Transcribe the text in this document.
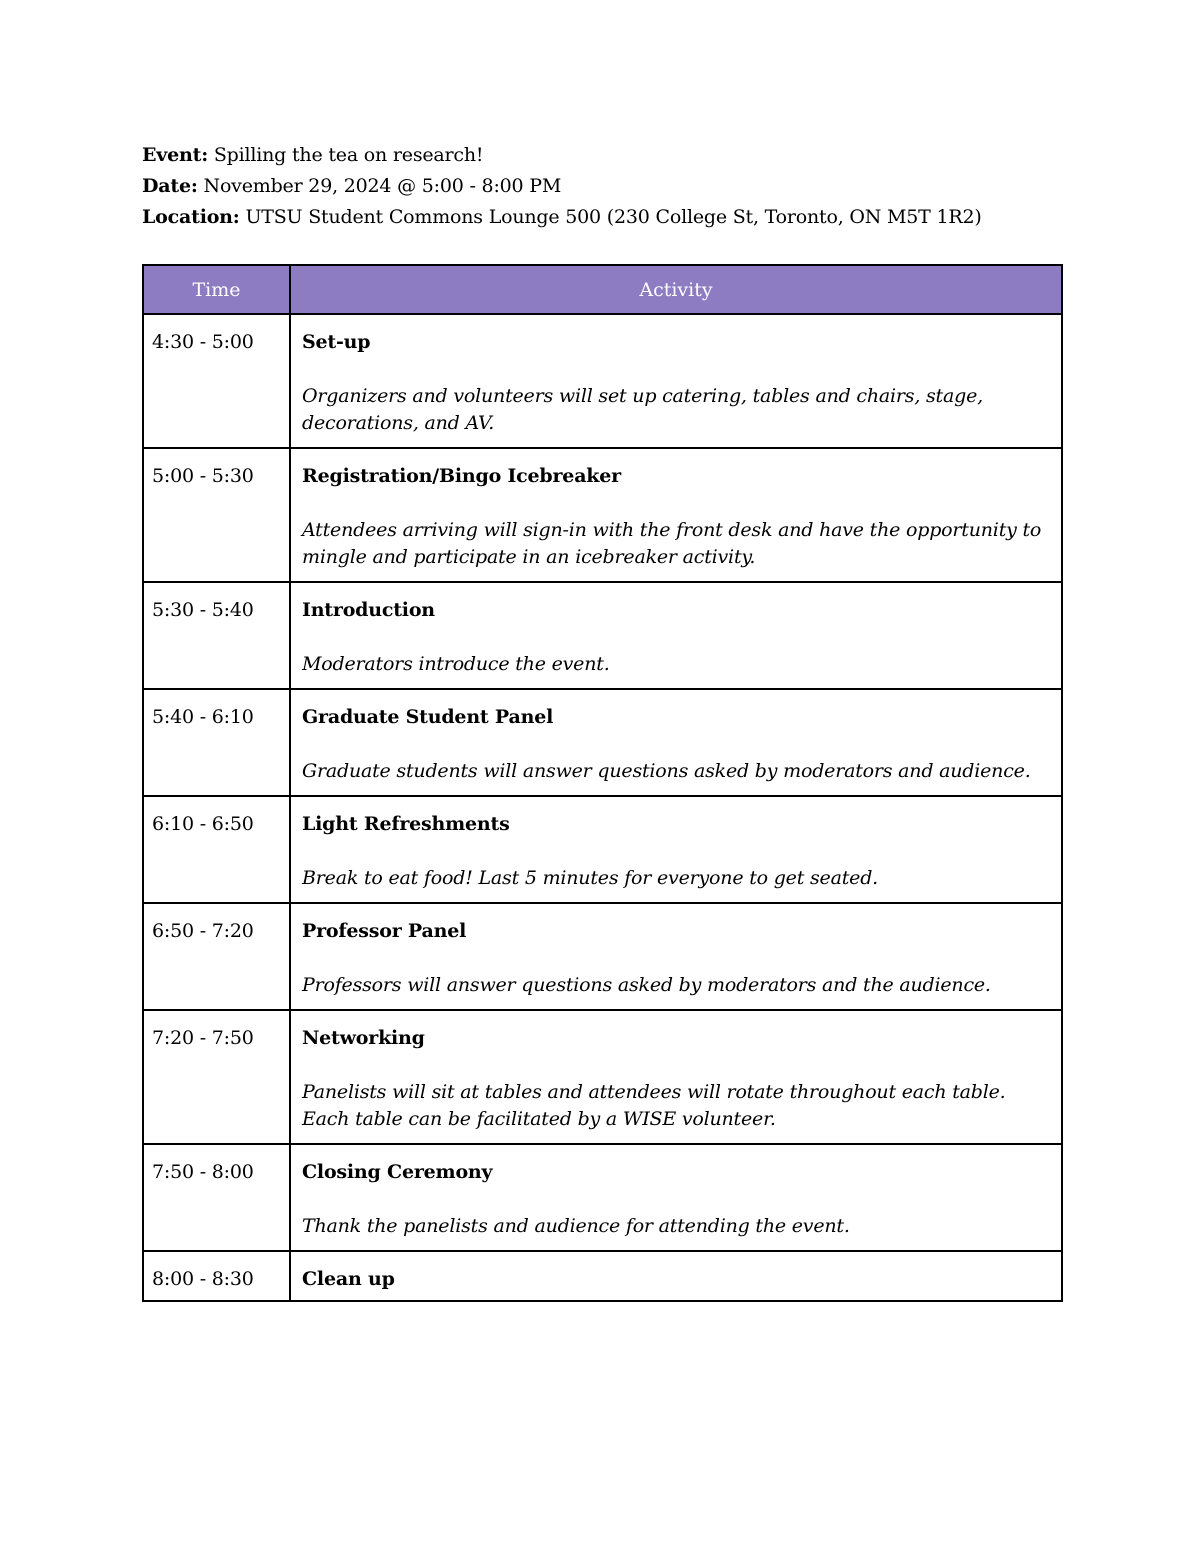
Event: Spilling the tea on research!
Date: November 29, 2024 @ 5:00 - 8:00 PM
Location: UTSU Student Commons Lounge 500 (230 College St, Toronto, ON M5T 1R2)
Time	Activity
4:30 - 5:00	Set-up
Organizers and volunteers will set up catering, tables and chairs, stage, decorations, and AV.

5:00 - 5:30	Registration/Bingo Icebreaker
Attendees arriving will sign-in with the front desk and have the opportunity to mingle and participate in an icebreaker activity.

5:30 - 5:40	Introduction
Moderators introduce the event.

5:40 - 6:10	Graduate Student Panel
Graduate students will answer questions asked by moderators and audience.

6:10 - 6:50	Light Refreshments
Break to eat food! Last 5 minutes for everyone to get seated.

6:50 - 7:20	Professor Panel
Professors will answer questions asked by moderators and the audience.

7:20 - 7:50	Networking
Panelists will sit at tables and attendees will rotate throughout each table. Each table can be facilitated by a WISE volunteer.

7:50 - 8:00	Closing Ceremony
Thank the panelists and audience for attending the event.

8:00 - 8:30	Clean up
